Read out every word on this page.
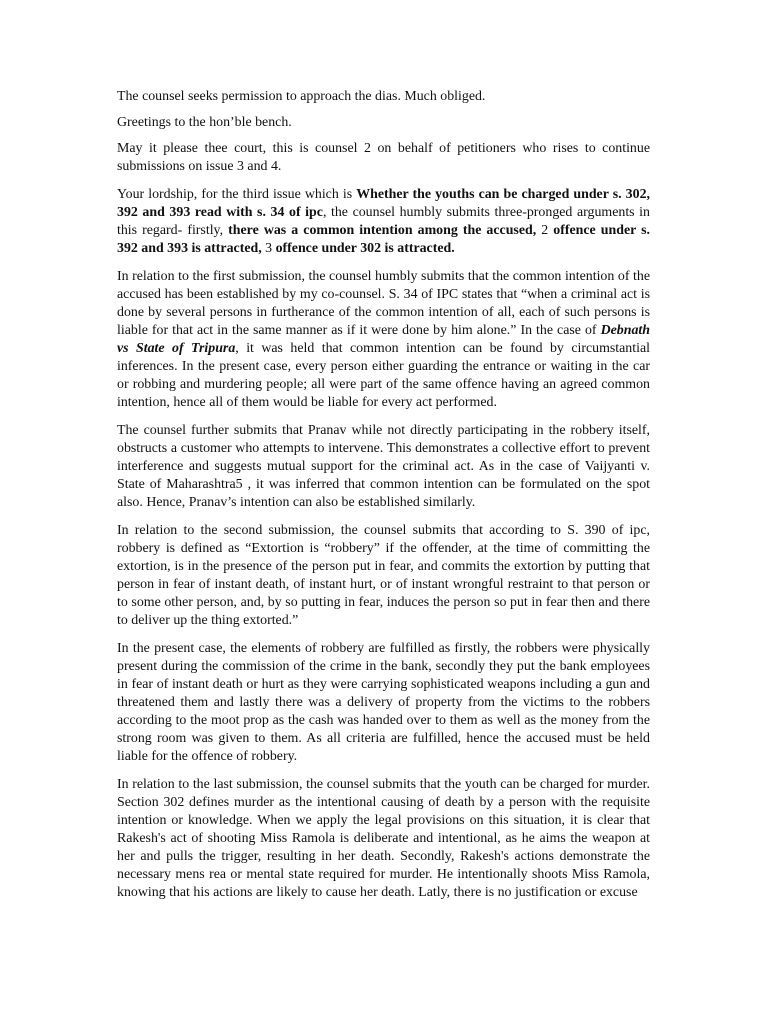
The counsel seeks permission to approach the dias. Much obliged.

Greetings to the hon’ble bench.

May it please thee court, this is counsel 2 on behalf of petitioners who rises to continue submissions on issue 3 and 4.

Your lordship, for the third issue which is Whether the youths can be charged under s. 302, 392 and 393 read with s. 34 of ipc, the counsel humbly submits three-pronged arguments in this regard- firstly, there was a common intention among the accused, 2 offence under s. 392 and 393 is attracted, 3 offence under 302 is attracted.

In relation to the first submission, the counsel humbly submits that the common intention of the accused has been established by my co-counsel. S. 34 of IPC states that “when a criminal act is done by several persons in furtherance of the common intention of all, each of such persons is liable for that act in the same manner as if it were done by him alone.” In the case of Debnath vs State of Tripura, it was held that common intention can be found by circumstantial inferences. In the present case, every person either guarding the entrance or waiting in the car or robbing and murdering people; all were part of the same offence having an agreed common intention, hence all of them would be liable for every act performed.

The counsel further submits that Pranav while not directly participating in the robbery itself, obstructs a customer who attempts to intervene. This demonstrates a collective effort to prevent interference and suggests mutual support for the criminal act. As in the case of Vaijyanti v. State of Maharashtra5 , it was inferred that common intention can be formulated on the spot also. Hence, Pranav’s intention can also be established similarly.

In relation to the second submission, the counsel submits that according to S. 390 of ipc, robbery is defined as “Extortion is “robbery” if the offender, at the time of committing the extortion, is in the presence of the person put in fear, and commits the extortion by putting that person in fear of instant death, of instant hurt, or of instant wrongful restraint to that person or to some other person, and, by so putting in fear, induces the person so put in fear then and there to deliver up the thing extorted.”

In the present case, the elements of robbery are fulfilled as firstly, the robbers were physically present during the commission of the crime in the bank, secondly they put the bank employees in fear of instant death or hurt as they were carrying sophisticated weapons including a gun and threatened them and lastly there was a delivery of property from the victims to the robbers according to the moot prop as the cash was handed over to them as well as the money from the strong room was given to them. As all criteria are fulfilled, hence the accused must be held liable for the offence of robbery.

In relation to the last submission, the counsel submits that the youth can be charged for murder. Section 302 defines murder as the intentional causing of death by a person with the requisite intention or knowledge. When we apply the legal provisions on this situation, it is clear that Rakesh's act of shooting Miss Ramola is deliberate and intentional, as he aims the weapon at her and pulls the trigger, resulting in her death. Secondly, Rakesh's actions demonstrate the necessary mens rea or mental state required for murder. He intentionally shoots Miss Ramola, knowing that his actions are likely to cause her death. Latly, there is no justification or excuse
